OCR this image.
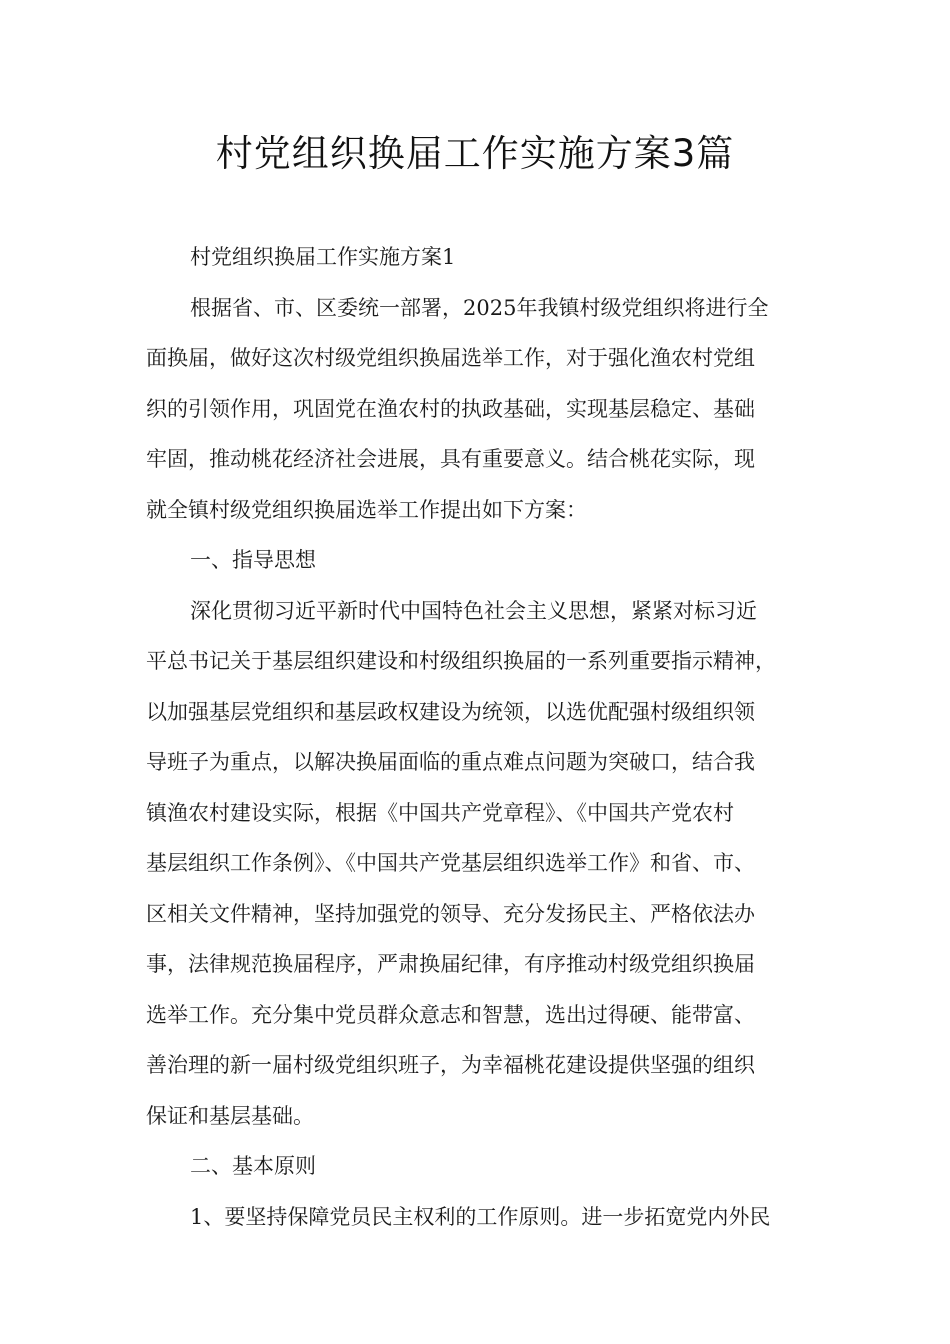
村党组织换届工作实施方案3篇
村党组织换届工作实施方案1
根据省、市、区委统一部署，2025年我镇村级党组织将进行全
面换届，做好这次村级党组织换届选举工作，对于强化渔农村党组
织的引领作用，巩固党在渔农村的执政基础，实现基层稳定、基础
牢固，推动桃花经济社会进展，具有重要意义。结合桃花实际，现
就全镇村级党组织换届选举工作提出如下方案：
一、指导思想
深化贯彻习近平新时代中国特色社会主义思想，紧紧对标习近
平总书记关于基层组织建设和村级组织换届的一系列重要指示精神，
以加强基层党组织和基层政权建设为统领，以选优配强村级组织领
导班子为重点，以解决换届面临的重点难点问题为突破口，结合我
镇渔农村建设实际，根据《中国共产党章程》、《中国共产党农村
基层组织工作条例》、《中国共产党基层组织选举工作》和省、市、
区相关文件精神，坚持加强党的领导、充分发扬民主、严格依法办
事，法律规范换届程序，严肃换届纪律，有序推动村级党组织换届
选举工作。充分集中党员群众意志和智慧，选出过得硬、能带富、
善治理的新一届村级党组织班子，为幸福桃花建设提供坚强的组织
保证和基层基础。
二、基本原则
1、要坚持保障党员民主权利的工作原则。进一步拓宽党内外民
